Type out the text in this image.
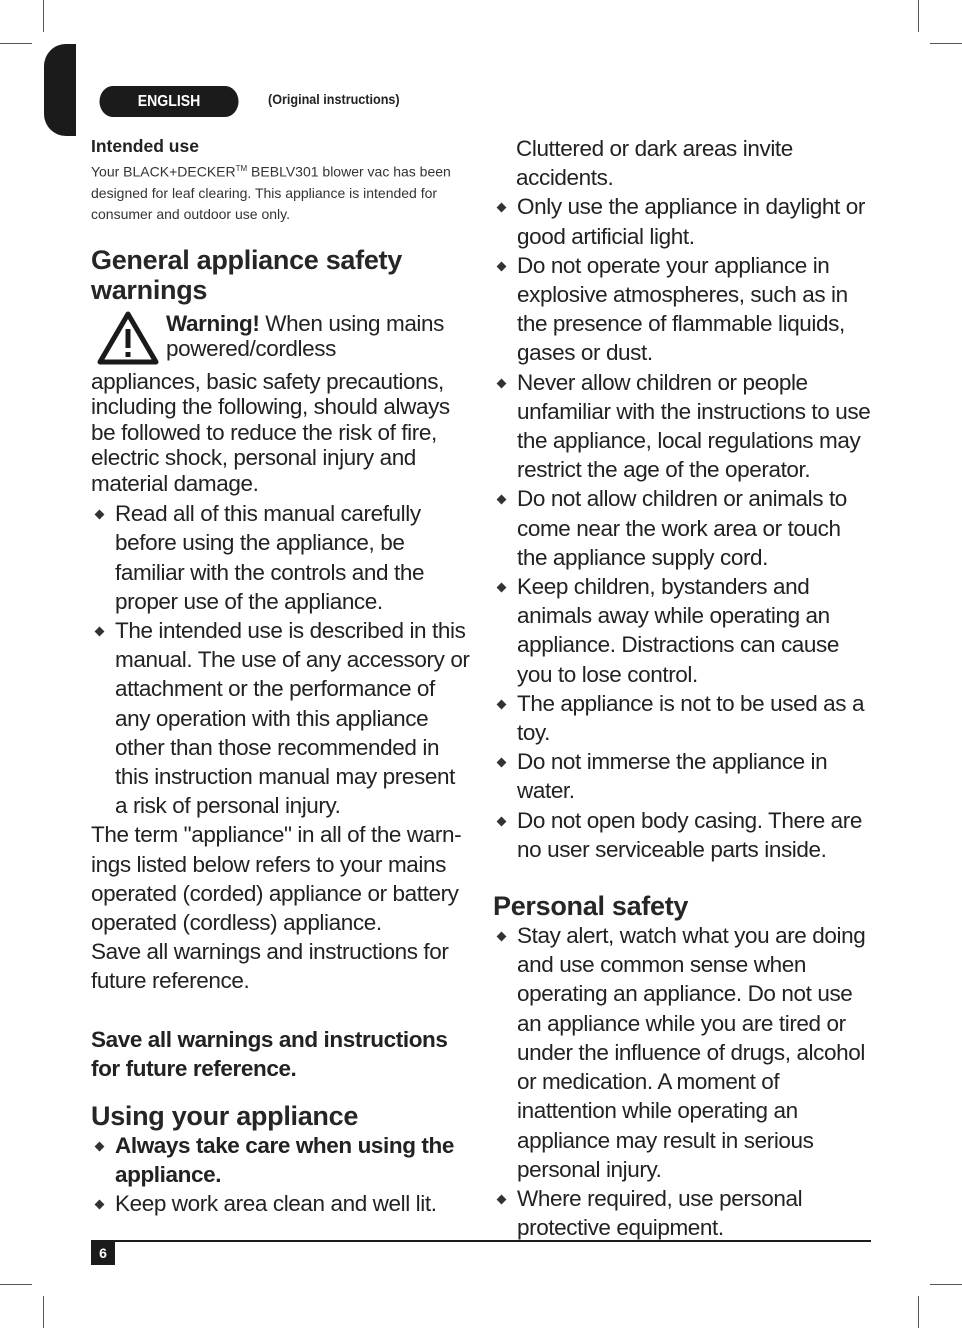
ENGLISH	(Original instructions)
Intended use

Your BLACK+DECKER™ BEBLV301 blower vac has been designed for leaf clearing. This appliance is intended for consumer and outdoor use only.

General appliance safety warnings
Warning! When using mains powered/cordless

appliances, basic safety precautions, including the following, should always be followed to reduce the risk of fire, electric shock, personal injury and material damage.

Read all of this manual carefully before using the appliance, be familiar with the controls and the proper use of the appliance.
The intended use is described in this manual. The use of any accessory or attachment or the performance of any operation with this appliance other than those recommended in this instruction manual may present a risk of personal injury.

The term "appliance" in all of the warn-ings listed below refers to your mains operated (corded) appliance or battery operated (cordless) appliance.

Save all warnings and instructions for future reference.

Save all warnings and instructions for future reference.

Using your appliance
Always take care when using the appliance.
Keep work area clean and well lit.

Cluttered or dark areas invite accidents.

Only use the appliance in daylight or good artificial light.
Do not operate your appliance in explosive atmospheres, such as in the presence of flammable liquids, gases or dust.
Never allow children or people unfamiliar with the instructions to use the appliance, local regulations may restrict the age of the operator.
Do not allow children or animals to come near the work area or touch the appliance supply cord.
Keep children, bystanders and animals away while operating an appliance. Distractions can cause you to lose control.
The appliance is not to be used as a toy.
Do not immerse the appliance in water.
Do not open body casing. There are no user serviceable parts inside.
Personal safety
Stay alert, watch what you are doing and use common sense when operating an appliance. Do not use an appliance while you are tired or under the influence of drugs, alcohol or medication. A moment of inattention while operating an appliance may result in serious personal injury.
Where required, use personal protective equipment.
6
